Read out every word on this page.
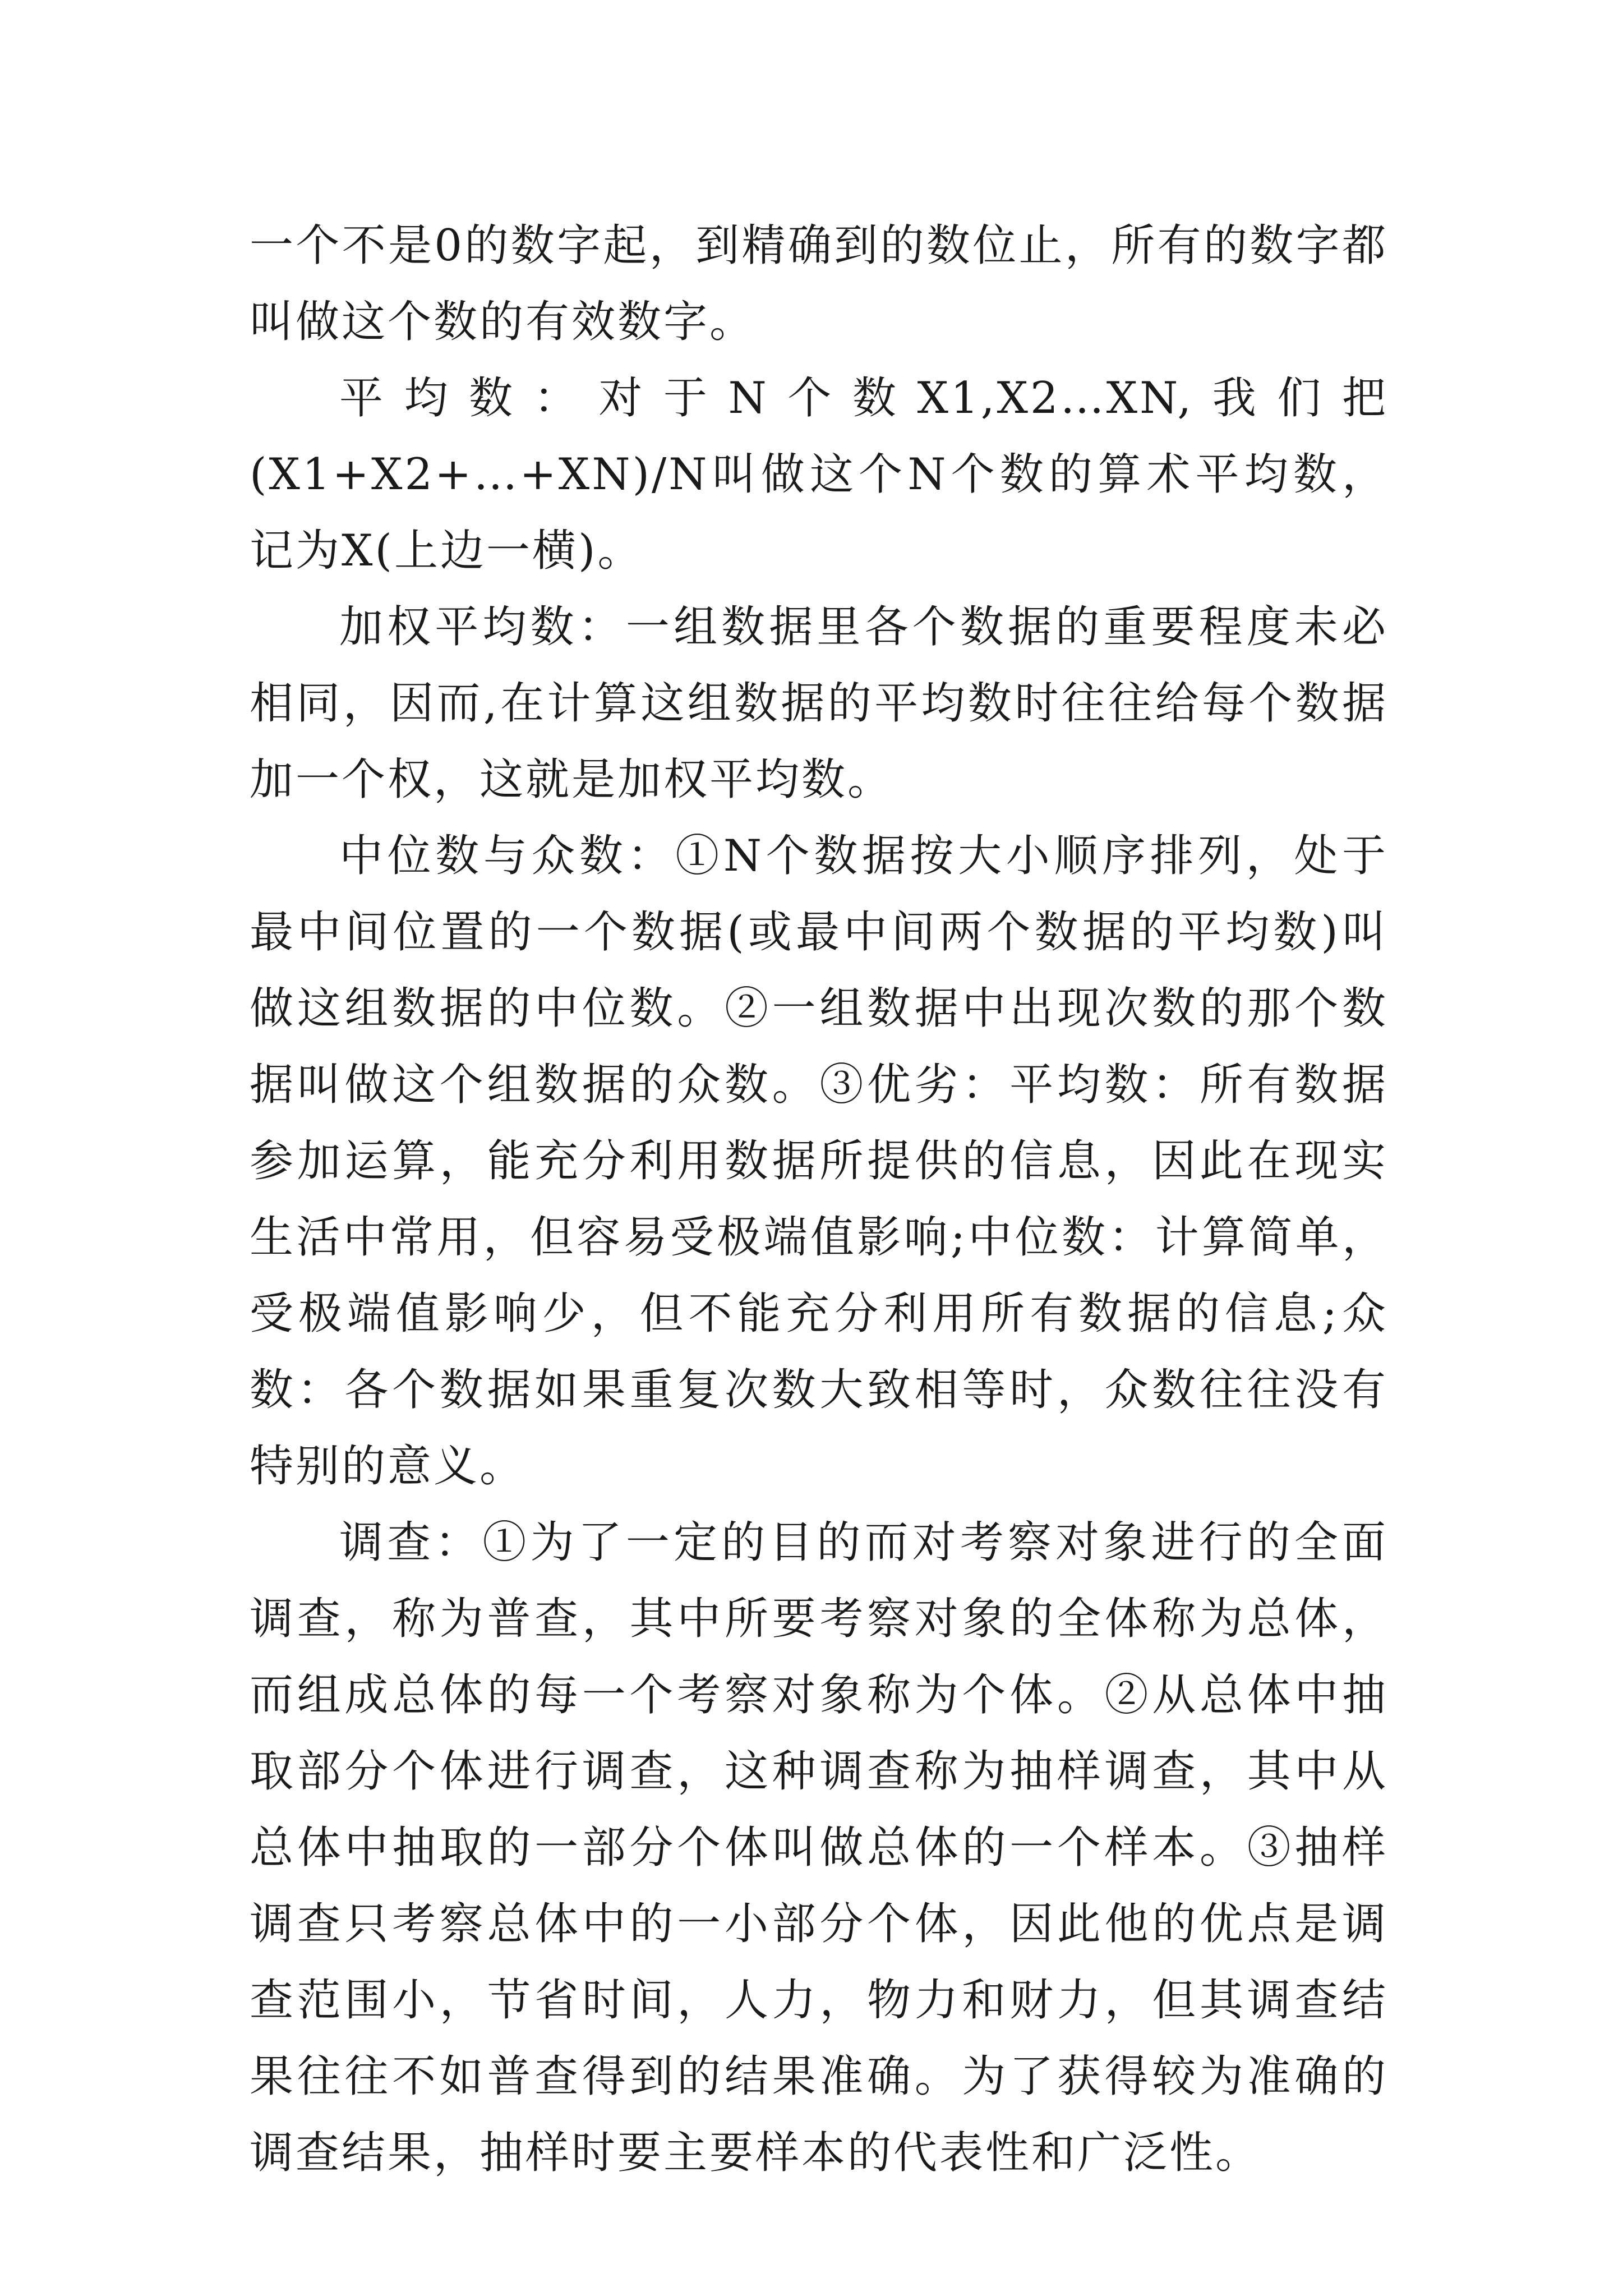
一个不是0的数字起，到精确到的数位止，所有的数字都叫做这个数的有效数字。

平均数：对于N个数X1,X2…XN,我们把(X1+X2+…+XN)/N叫做这个N个数的算术平均数，记为X(上边一横)。

加权平均数：一组数据里各个数据的重要程度未必相同，因而,在计算这组数据的平均数时往往给每个数据加一个权，这就是加权平均数。

中位数与众数：①N个数据按大小顺序排列，处于最中间位置的一个数据(或最中间两个数据的平均数)叫做这组数据的中位数。②一组数据中出现次数的那个数据叫做这个组数据的众数。③优劣：平均数：所有数据参加运算，能充分利用数据所提供的信息，因此在现实生活中常用，但容易受极端值影响;中位数：计算简单，受极端值影响少，但不能充分利用所有数据的信息;众数：各个数据如果重复次数大致相等时，众数往往没有特别的意义。

调查：①为了一定的目的而对考察对象进行的全面调查，称为普查，其中所要考察对象的全体称为总体，而组成总体的每一个考察对象称为个体。②从总体中抽取部分个体进行调查，这种调查称为抽样调查，其中从总体中抽取的一部分个体叫做总体的一个样本。③抽样调查只考察总体中的一小部分个体，因此他的优点是调查范围小，节省时间，人力，物力和财力，但其调查结果往往不如普查得到的结果准确。为了获得较为准确的调查结果，抽样时要主要样本的代表性和广泛性。
